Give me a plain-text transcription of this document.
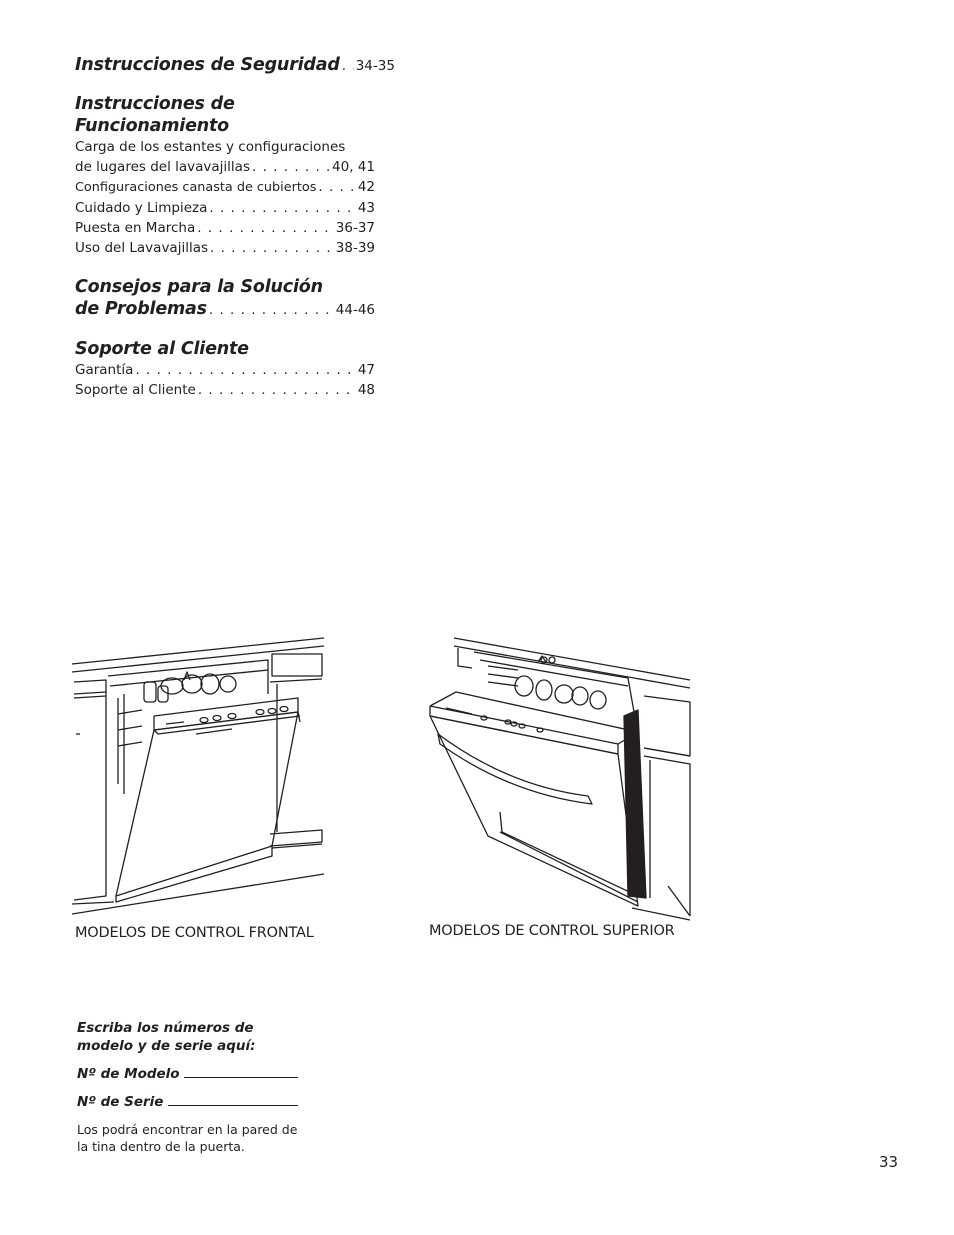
Instrucciones de Seguridad . . . 34-35
Instrucciones de Funcionamiento
Carga de los estantes y configuraciones
de lugares del lavavajillas . . .	40, 41
Configuraciones canasta de cubiertos . . .	42
Cuidado y Limpieza . . .	43
Puesta en Marcha . . .	36-37
Uso del Lavavajillas . . .	38-39
Consejos para la Solución
de Problemas . . .	44-46
Soporte al Cliente
Garantía . . .	47
Soporte al Cliente . . .	48
MODELOS DE CONTROL FRONTAL	MODELOS DE CONTROL SUPERIOR
Escriba los números de
modelo y de serie aquí:
Nº de Modelo
Nº de Serie
Los podrá encontrar en la pared de
la tina dentro de la puerta.
33
